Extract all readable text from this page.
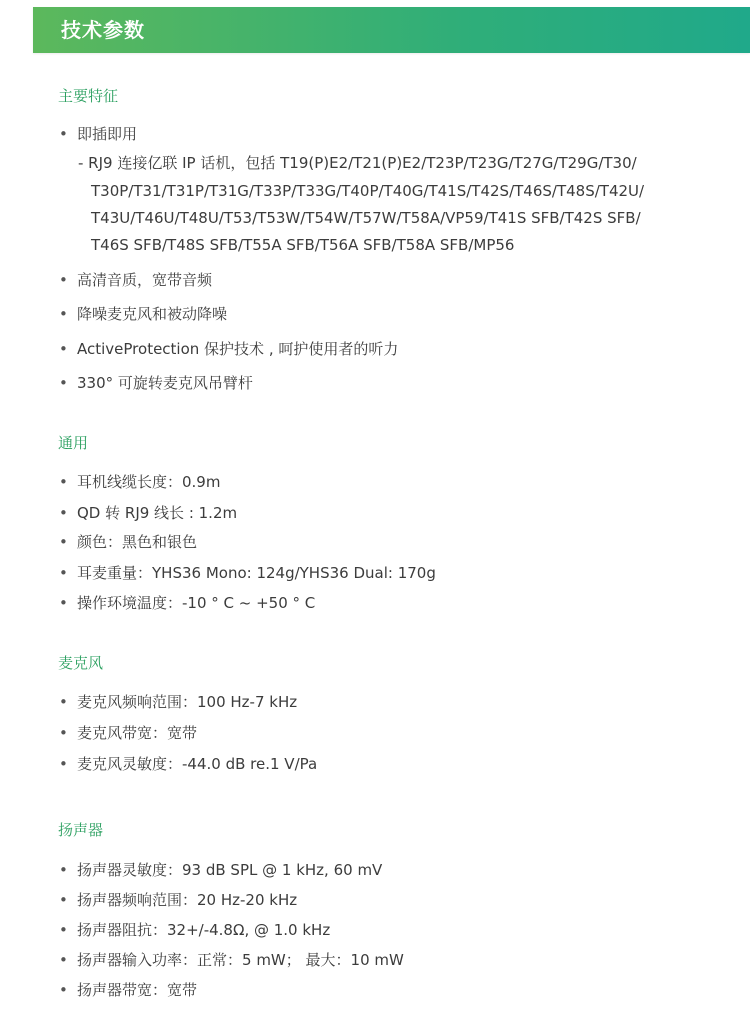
技术参数
主要特征
• 即插即用
- RJ9 连接亿联 IP 话机，包括 T19(P)E2/T21(P)E2/T23P/T23G/T27G/T29G/T30/
T30P/T31/T31P/T31G/T33P/T33G/T40P/T40G/T41S/T42S/T46S/T48S/T42U/
T43U/T46U/T48U/T53/T53W/T54W/T57W/T58A/VP59/T41S SFB/T42S SFB/
T46S SFB/T48S SFB/T55A SFB/T56A SFB/T58A SFB/MP56
• 高清音质，宽带音频
• 降噪麦克风和被动降噪
• ActiveProtection 保护技术 , 呵护使用者的听力
• 330° 可旋转麦克风吊臂杆
通用
• 耳机线缆长度：0.9m
• QD 转 RJ9 线长 : 1.2m
• 颜色：黑色和银色
• 耳麦重量：YHS36 Mono: 124g/YHS36 Dual: 170g
• 操作环境温度：-10 ° C ~ +50 ° C
麦克风
• 麦克风频响范围：100 Hz-7 kHz
• 麦克风带宽：宽带
• 麦克风灵敏度：-44.0 dB re.1 V/Pa
扬声器
• 扬声器灵敏度：93 dB SPL @ 1 kHz, 60 mV
• 扬声器频响范围：20 Hz-20 kHz
• 扬声器阻抗：32+/-4.8Ω, @ 1.0 kHz
• 扬声器输入功率：正常：5 mW； 最大：10 mW
• 扬声器带宽：宽带
